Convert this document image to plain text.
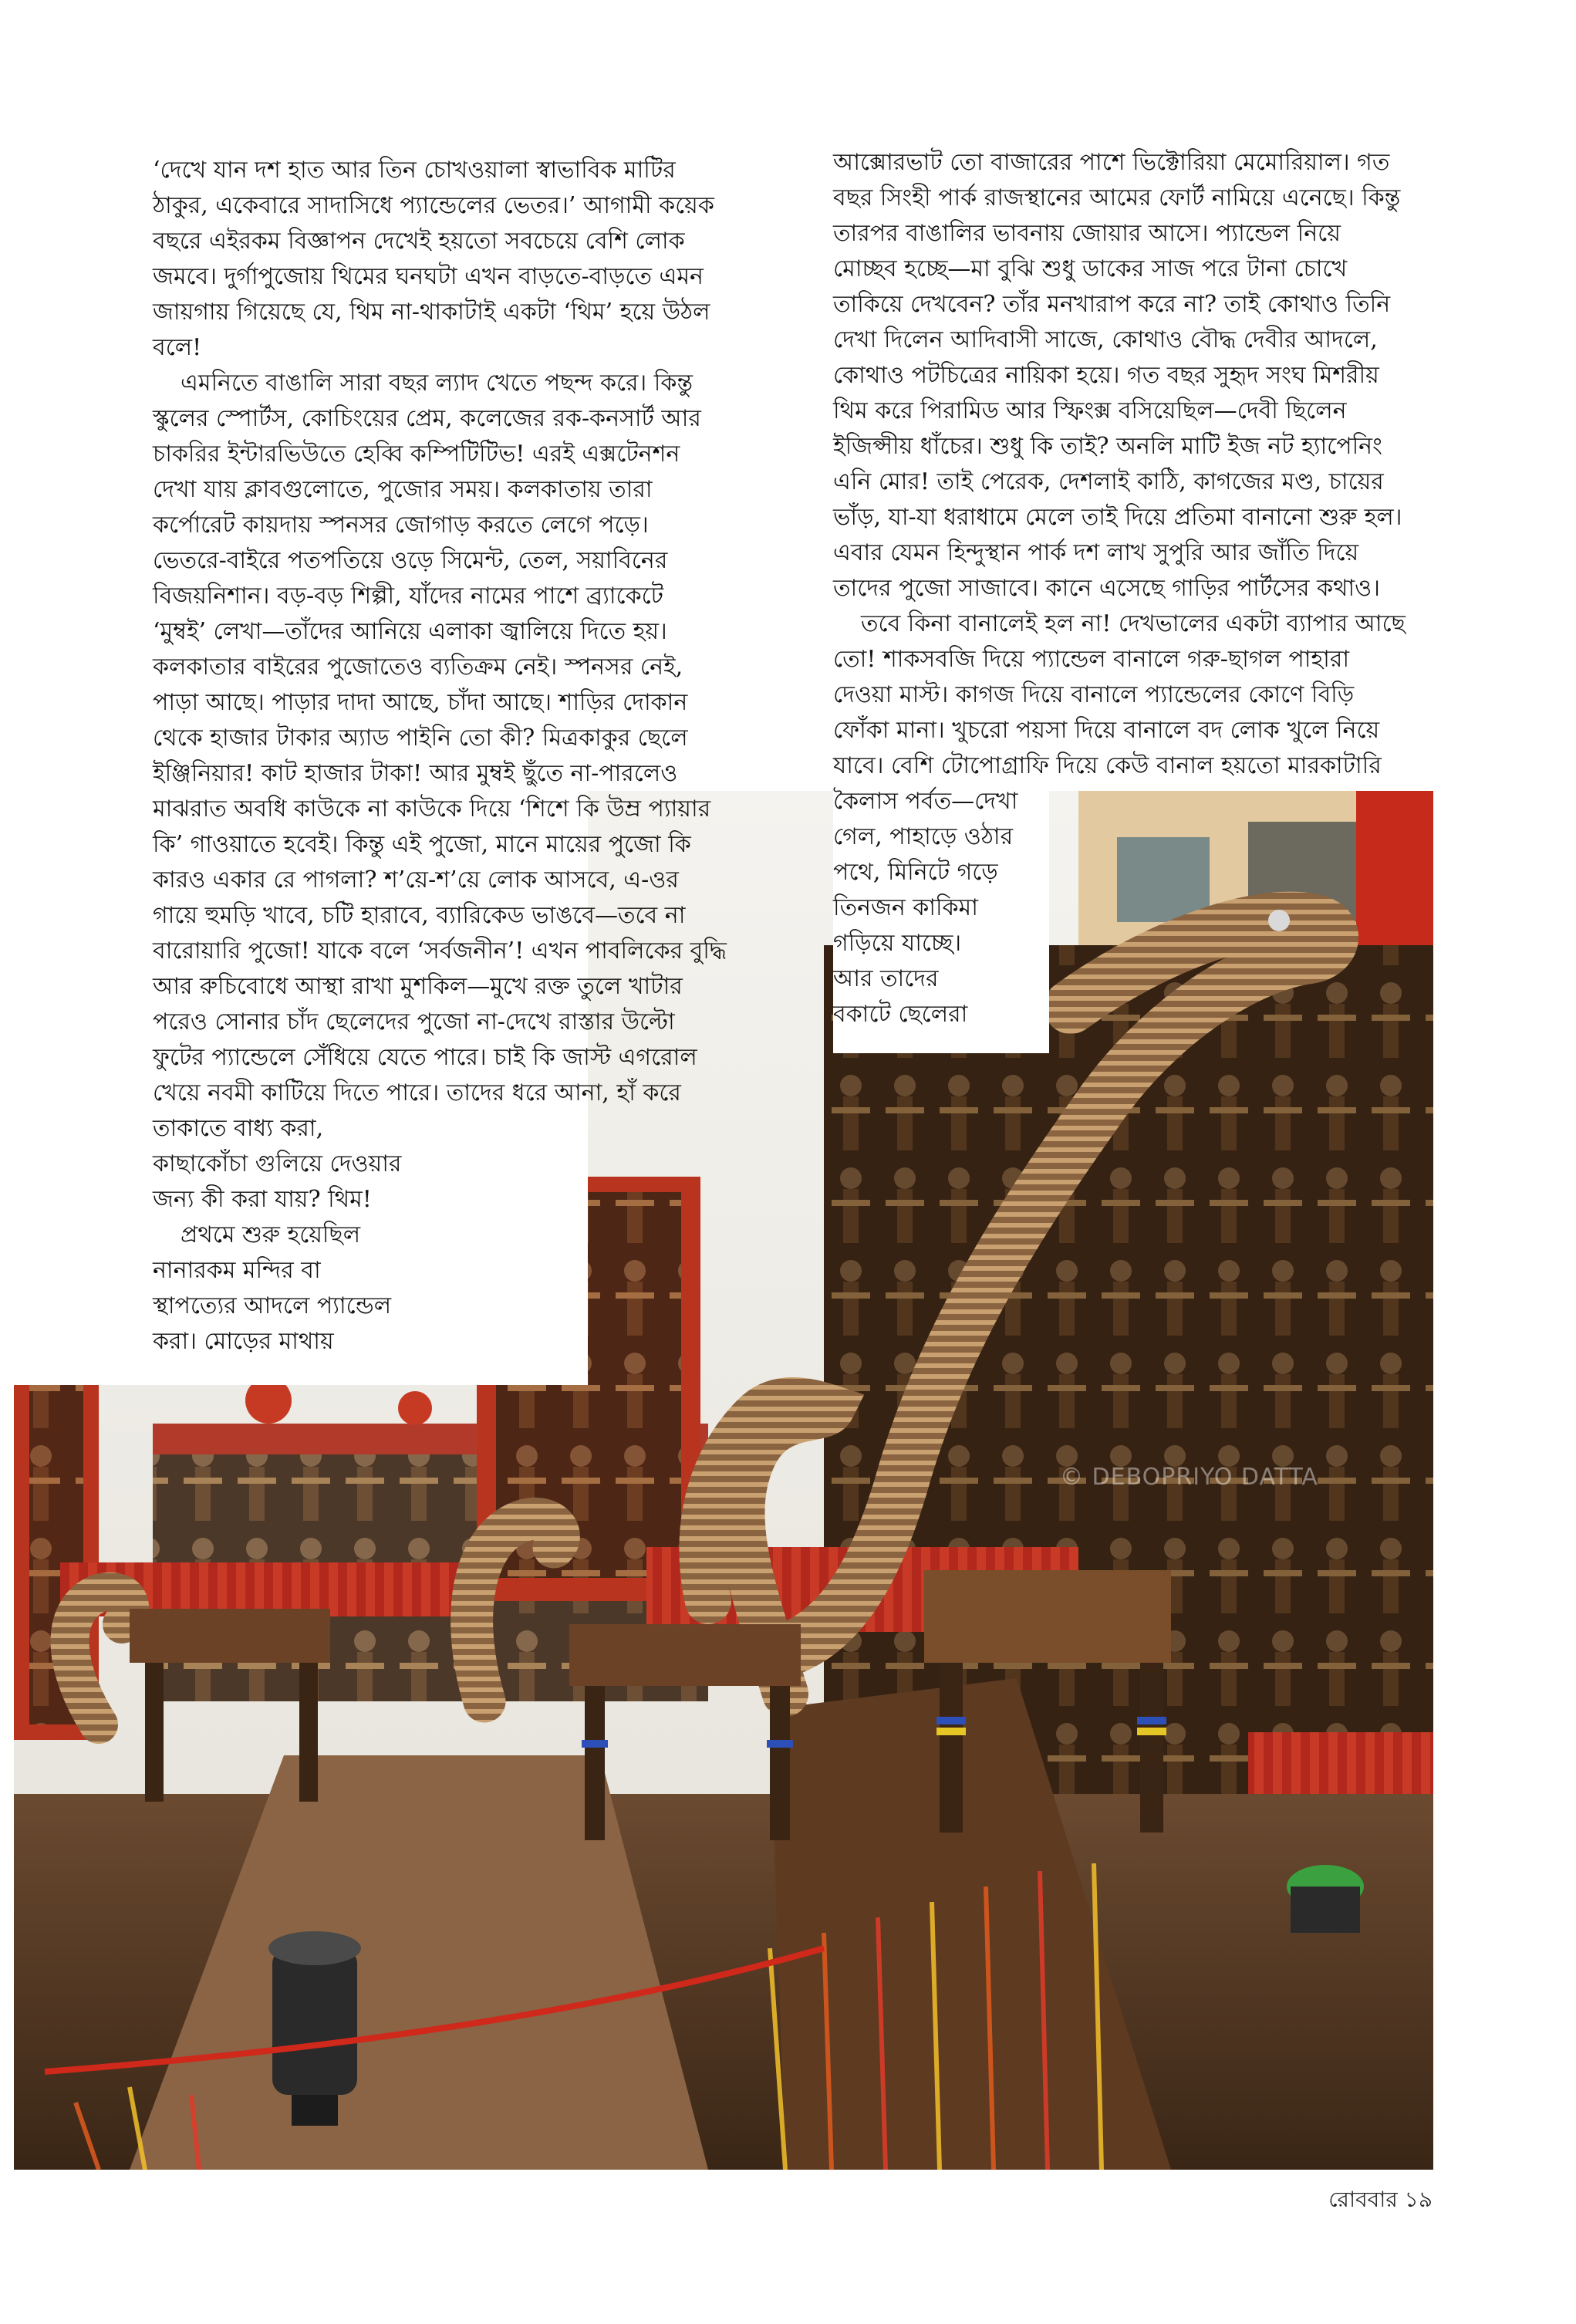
© DEBOPRIYO DATTA
‘দেখে যান দশ হাত আর তিন চোখওয়ালা স্বাভাবিক মাটির
ঠাকুর, একেবারে সাদাসিধে প্যান্ডেলের ভেতর।’ আগামী কয়েক
বছরে এইরকম বিজ্ঞাপন দেখেই হয়তো সবচেয়ে বেশি লোক
জমবে। দুর্গাপুজোয় থিমের ঘনঘটা এখন বাড়তে-বাড়তে এমন
জায়গায় গিয়েছে যে, থিম না-থাকাটাই একটা ‘থিম’ হয়ে উঠল
বলে!
এমনিতে বাঙালি সারা বছর ল্যাদ খেতে পছন্দ করে। কিন্তু
স্কুলের স্পোর্টস, কোচিংয়ের প্রেম, কলেজের রক-কনসার্ট আর
চাকরির ইন্টারভিউতে হেব্বি কম্পিটিটিভ! এরই এক্সটেনশন
দেখা যায় ক্লাবগুলোতে, পুজোর সময়। কলকাতায় তারা
কর্পোরেট কায়দায় স্পনসর জোগাড় করতে লেগে পড়ে।
ভেতরে-বাইরে পতপতিয়ে ওড়ে সিমেন্ট, তেল, সয়াবিনের
বিজয়নিশান। বড়-বড় শিল্পী, যাঁদের নামের পাশে ব্র্যাকেটে
‘মুম্বই’ লেখা—তাঁদের আনিয়ে এলাকা জ্বালিয়ে দিতে হয়।
কলকাতার বাইরের পুজোতেও ব্যতিক্রম নেই। স্পনসর নেই,
পাড়া আছে। পাড়ার দাদা আছে, চাঁদা আছে। শাড়ির দোকান
থেকে হাজার টাকার অ্যাড পাইনি তো কী? মিত্রকাকুর ছেলে
ইঞ্জিনিয়ার! কাট হাজার টাকা! আর মুম্বই ছুঁতে না-পারলেও
মাঝরাত অবধি কাউকে না কাউকে দিয়ে ‘শিশে কি উম্র প্যায়ার
কি’ গাওয়াতে হবেই। কিন্তু এই পুজো, মানে মায়ের পুজো কি
কারও একার রে পাগলা? শ’য়ে-শ’য়ে লোক আসবে, এ-ওর
গায়ে হুমড়ি খাবে, চটি হারাবে, ব্যারিকেড ভাঙবে—তবে না
বারোয়ারি পুজো! যাকে বলে ‘সর্বজনীন’! এখন পাবলিকের বুদ্ধি
আর রুচিবোধে আস্থা রাখা মুশকিল—মুখে রক্ত তুলে খাটার
পরেও সোনার চাঁদ ছেলেদের পুজো না-দেখে রাস্তার উল্টো
ফুটের প্যান্ডেলে সেঁধিয়ে যেতে পারে। চাই কি জাস্ট এগরোল
খেয়ে নবমী কাটিয়ে দিতে পারে। তাদের ধরে আনা, হাঁ করে
তাকাতে বাধ্য করা,
কাছাকোঁচা গুলিয়ে দেওয়ার
জন্য কী করা যায়? থিম!
প্রথমে শুরু হয়েছিল
নানারকম মন্দির বা
স্থাপত্যের আদলে প্যান্ডেল
করা। মোড়ের মাথায়
আক্সোরভাট তো বাজারের পাশে ভিক্টোরিয়া মেমোরিয়াল। গত
বছর সিংহী পার্ক রাজস্থানের আমের ফোর্ট নামিয়ে এনেছে। কিন্তু
তারপর বাঙালির ভাবনায় জোয়ার আসে। প্যান্ডেল নিয়ে
মোচ্ছব হচ্ছে—মা বুঝি শুধু ডাকের সাজ পরে টানা চোখে
তাকিয়ে দেখবেন? তাঁর মনখারাপ করে না? তাই কোথাও তিনি
দেখা দিলেন আদিবাসী সাজে, কোথাও বৌদ্ধ দেবীর আদলে,
কোথাও পটচিত্রের নায়িকা হয়ে। গত বছর সুহৃদ সংঘ মিশরীয়
থিম করে পিরামিড আর স্ফিংক্স বসিয়েছিল—দেবী ছিলেন
ইজিপ্সীয় ধাঁচের। শুধু কি তাই? অনলি মাটি ইজ নট হ্যাপেনিং
এনি মোর! তাই পেরেক, দেশলাই কাঠি, কাগজের মণ্ড, চায়ের
ভাঁড়, যা-যা ধরাধামে মেলে তাই দিয়ে প্রতিমা বানানো শুরু হল।
এবার যেমন হিন্দুস্থান পার্ক দশ লাখ সুপুরি আর জাঁতি দিয়ে
তাদের পুজো সাজাবে। কানে এসেছে গাড়ির পার্টসের কথাও।
তবে কিনা বানালেই হল না! দেখভালের একটা ব্যাপার আছে
তো! শাকসবজি দিয়ে প্যান্ডেল বানালে গরু-ছাগল পাহারা
দেওয়া মাস্ট। কাগজ দিয়ে বানালে প্যান্ডেলের কোণে বিড়ি
ফোঁকা মানা। খুচরো পয়সা দিয়ে বানালে বদ লোক খুলে নিয়ে
যাবে। বেশি টোপোগ্রাফি দিয়ে কেউ বানাল হয়তো মারকাটারি
কৈলাস পর্বত—দেখা
গেল, পাহাড়ে ওঠার
পথে, মিনিটে গড়ে
তিনজন কাকিমা
গড়িয়ে যাচ্ছে।
আর তাদের
বকাটে ছেলেরা
রোববার ১৯
